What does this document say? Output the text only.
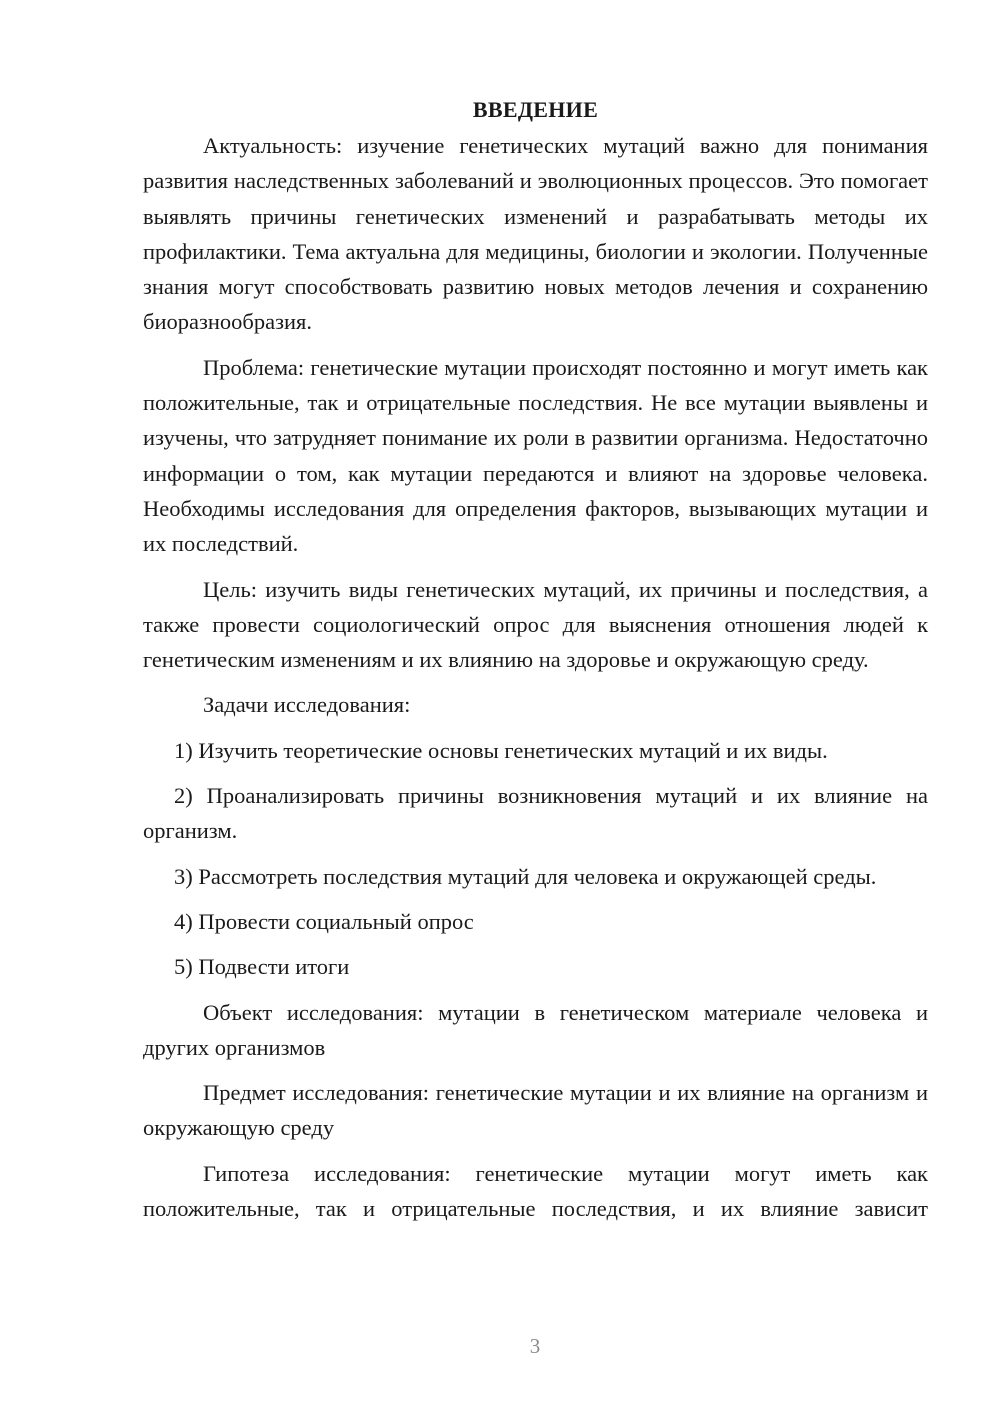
ВВЕДЕНИЕ

Актуальность: изучение генетических мутаций важно для понимания развития наследственных заболеваний и эволюционных процессов. Это помогает выявлять причины генетических изменений и разрабатывать методы их профилактики. Тема актуальна для медицины, биологии и экологии. Полученные знания могут способствовать развитию новых методов лечения и сохранению биоразнообразия.

Проблема: генетические мутации происходят постоянно и могут иметь как положительные, так и отрицательные последствия. Не все мутации выявлены и изучены, что затрудняет понимание их роли в развитии организма. Недостаточно информации о том, как мутации передаются и влияют на здоровье человека. Необходимы исследования для определения факторов, вызывающих мутации и их последствий.

Цель: изучить виды генетических мутаций, их причины и последствия, а также провести социологический опрос для выяснения отношения людей к генетическим изменениям и их влиянию на здоровье и окружающую среду.

Задачи исследования:

1) Изучить теоретические основы генетических мутаций и их виды.

2) Проанализировать причины возникновения мутаций и их влияние на организм.

3) Рассмотреть последствия мутаций для человека и окружающей среды.

4) Провести социальный опрос

5) Подвести итоги

Объект исследования: мутации в генетическом материале человека и других организмов

Предмет исследования: генетические мутации и их влияние на организм и окружающую среду

Гипотеза исследования: генетические мутации могут иметь как положительные, так и отрицательные последствия, и их влияние зависит

3
